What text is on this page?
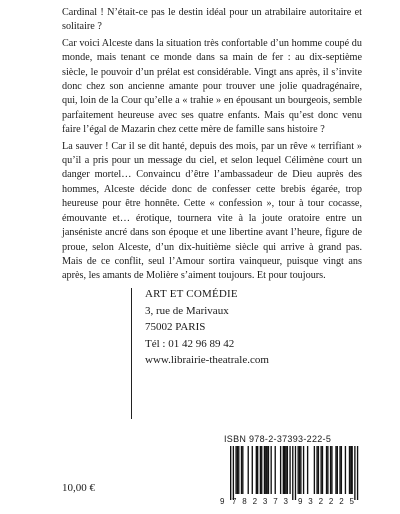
Cardinal ! N’était-ce pas le destin idéal pour un atrabilaire autoritaire et solitaire ?

Car voici Alceste dans la situation très confortable d’un homme coupé du monde, mais tenant ce monde dans sa main de fer : au dix-septième siècle, le pouvoir d’un prélat est considérable. Vingt ans après, il s’invite donc chez son ancienne amante pour trouver une jolie quadragénaire, qui, loin de la Cour qu’elle a « trahie » en épousant un bourgeois, semble parfaitement heureuse avec ses quatre enfants. Mais qu’est donc venu faire l’égal de Mazarin chez cette mère de famille sans histoire ?

La sauver ! Car il se dit hanté, depuis des mois, par un rêve « terrifiant » qu’il a pris pour un message du ciel, et selon lequel Célimène court un danger mortel… Convaincu d’être l’ambassadeur de Dieu auprès des hommes, Alceste décide donc de confesser cette brebis égarée, trop heureuse pour être honnête. Cette « confession », tour à tour cocasse, émouvante et… érotique, tournera vite à la joute oratoire entre un janséniste ancré dans son époque et une libertine avant l’heure, figure de proue, selon Alceste, d’un dix-huitième siècle qui arrive à grand pas. Mais de ce conflit, seul l’Amour sortira vainqueur, puisque vingt ans après, les amants de Molière s’aiment toujours. Et pour toujours.

ART ET COMÉDIE
3, rue de Marivaux
75002 PARIS
Tél : 01 42 96 89 42
www.librairie-theatrale.com
ISBN 978-2-37393-222-5
9 782373 932225
10,00 €
